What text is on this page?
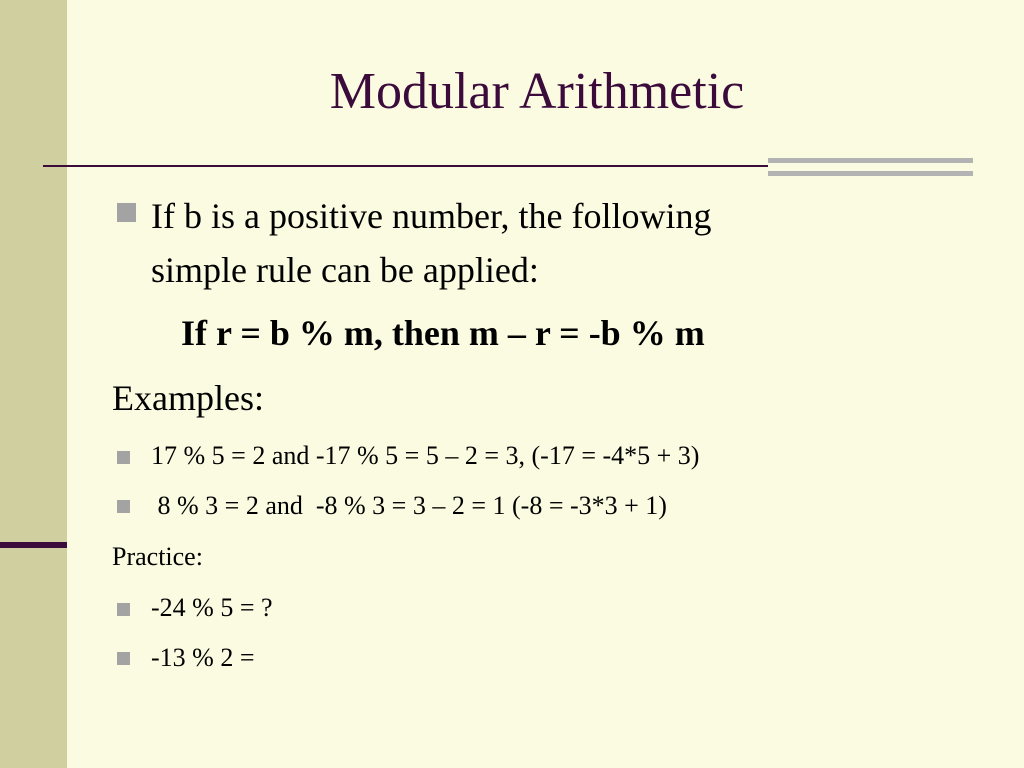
Modular Arithmetic
If b is a positive number, the following
simple rule can be applied:
If r = b % m, then m – r = -b % m
Examples:
17 % 5 = 2 and -17 % 5 = 5 – 2 = 3, (-17 = -4*5 + 3)
8 % 3 = 2 and  -8 % 3 = 3 – 2 = 1 (-8 = -3*3 + 1)
Practice:
-24 % 5 = ?
-13 % 2 =
